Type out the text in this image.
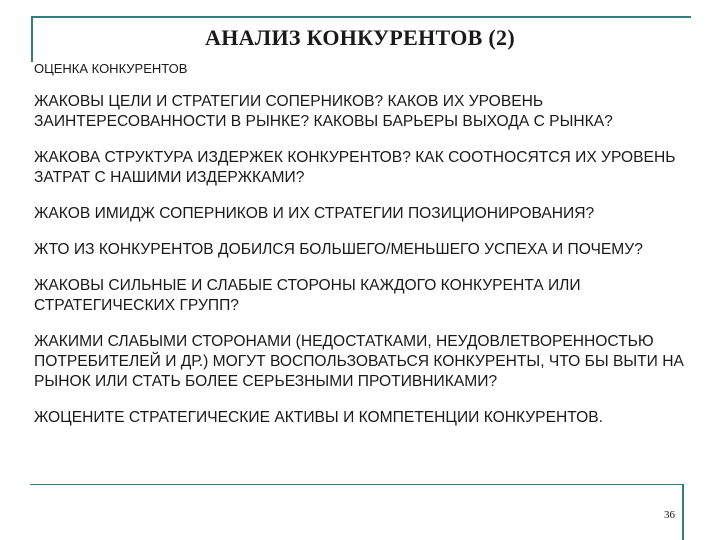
АНАЛИЗ КОНКУРЕНТОВ (2)
ОЦЕНКА КОНКУРЕНТОВ
ЖАКОВЫ ЦЕЛИ И СТРАТЕГИИ СОПЕРНИКОВ? КАКОВ ИХ УРОВЕНЬ ЗАИНТЕРЕСОВАННОСТИ В РЫНКЕ? КАКОВЫ БАРЬЕРЫ ВЫХОДА С РЫНКА?
ЖАКОВА СТРУКТУРА ИЗДЕРЖЕК КОНКУРЕНТОВ? КАК СООТНОСЯТСЯ ИХ УРОВЕНЬ ЗАТРАТ С НАШИМИ ИЗДЕРЖКАМИ?
ЖАКОВ ИМИДЖ СОПЕРНИКОВ И ИХ СТРАТЕГИИ ПОЗИЦИОНИРОВАНИЯ?
ЖТО ИЗ КОНКУРЕНТОВ ДОБИЛСЯ БОЛЬШЕГО/МЕНЬШЕГО УСПЕХА И ПОЧЕМУ?
ЖАКОВЫ СИЛЬНЫЕ И СЛАБЫЕ СТОРОНЫ КАЖДОГО КОНКУРЕНТА ИЛИ СТРАТЕГИЧЕСКИХ ГРУПП?
ЖАКИМИ СЛАБЫМИ СТОРОНАМИ (НЕДОСТАТКАМИ, НЕУДОВЛЕТВОРЕННОСТЬЮ ПОТРЕБИТЕЛЕЙ И ДР.) МОГУТ ВОСПОЛЬЗОВАТЬСЯ КОНКУРЕНТЫ, ЧТО БЫ ВЫТИ НА РЫНОК ИЛИ СТАТЬ БОЛЕЕ СЕРЬЕЗНЫМИ ПРОТИВНИКАМИ?
ЖОЦЕНИТЕ СТРАТЕГИЧЕСКИЕ АКТИВЫ И КОМПЕТЕНЦИИ КОНКУРЕНТОВ.
36
